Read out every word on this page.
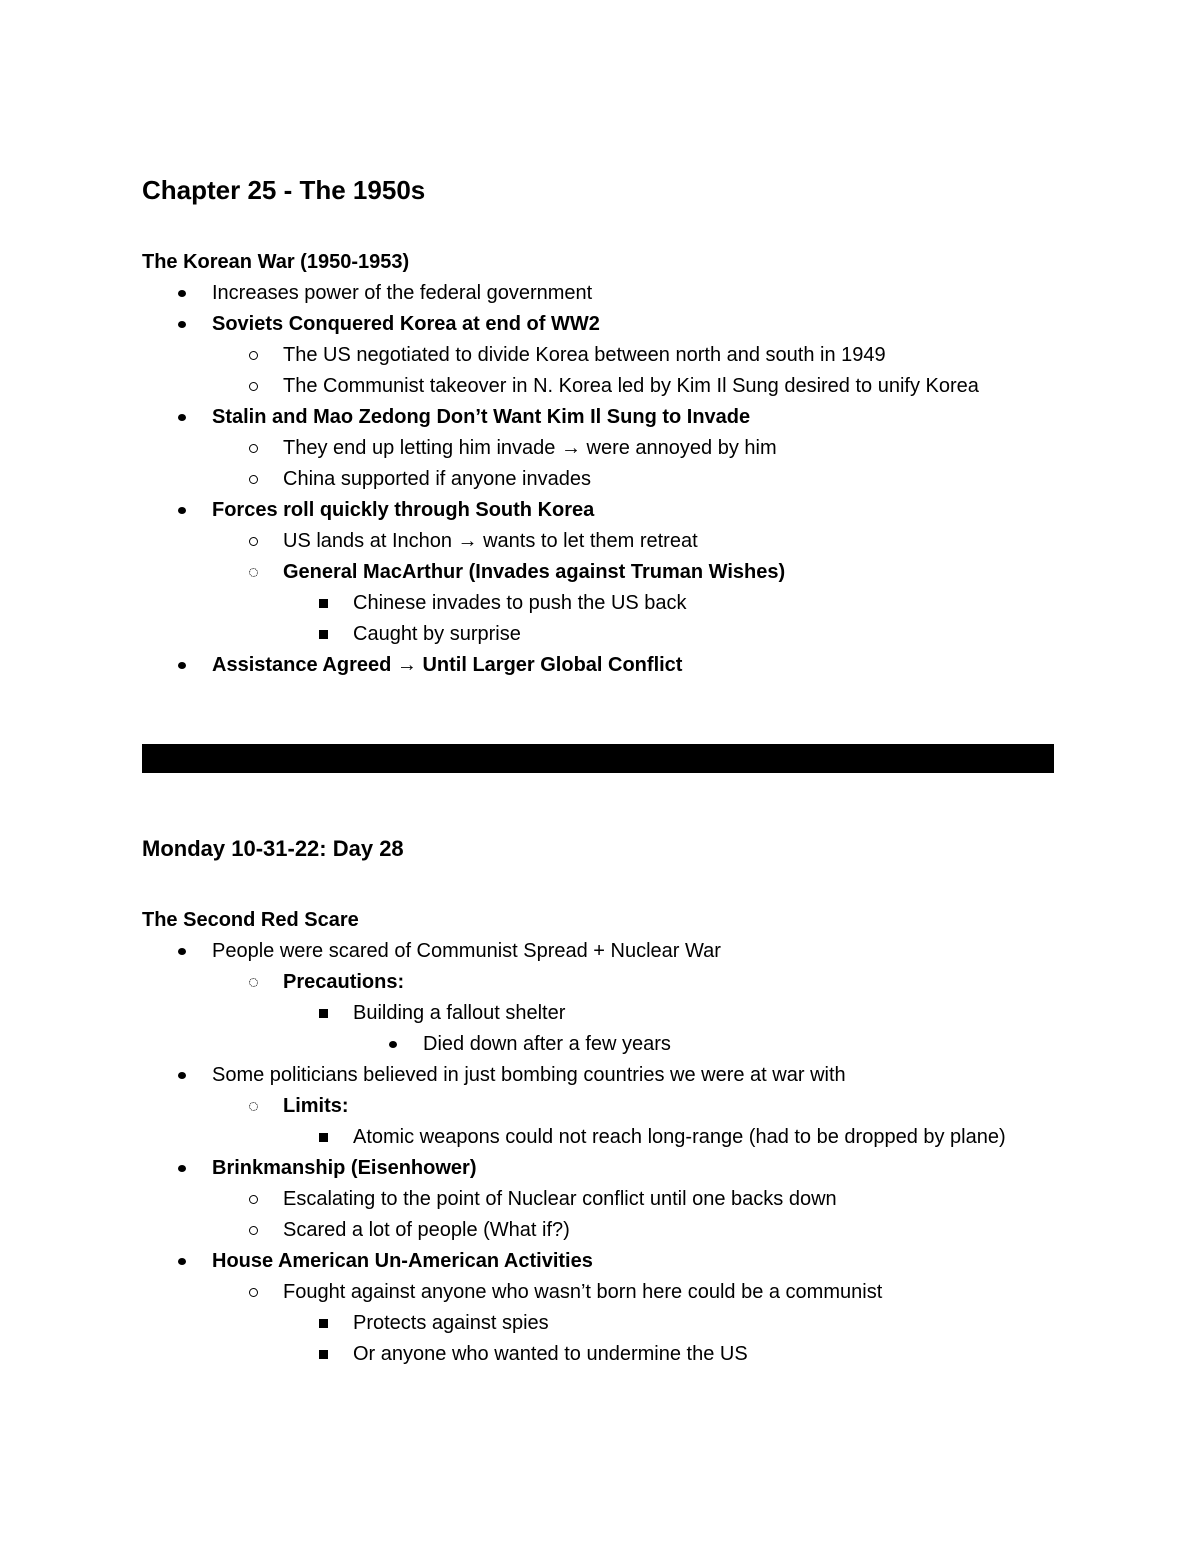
Chapter 25 - The 1950s
The Korean War (1950-1953)
Increases power of the federal government
Soviets Conquered Korea at end of WW2
The US negotiated to divide Korea between north and south in 1949
The Communist takeover in N. Korea led by Kim Il Sung desired to unify Korea
Stalin and Mao Zedong Don’t Want Kim Il Sung to Invade
They end up letting him invade → were annoyed by him
China supported if anyone invades
Forces roll quickly through South Korea
US lands at Inchon → wants to let them retreat
General MacArthur (Invades against Truman Wishes)
Chinese invades to push the US back
Caught by surprise
Assistance Agreed → Until Larger Global Conflict
Monday 10-31-22: Day 28
The Second Red Scare
People were scared of Communist Spread + Nuclear War
Precautions:
Building a fallout shelter
Died down after a few years
Some politicians believed in just bombing countries we were at war with
Limits:
Atomic weapons could not reach long-range (had to be dropped by plane)
Brinkmanship (Eisenhower)
Escalating to the point of Nuclear conflict until one backs down
Scared a lot of people (What if?)
House American Un-American Activities
Fought against anyone who wasn’t born here could be a communist
Protects against spies
Or anyone who wanted to undermine the US
